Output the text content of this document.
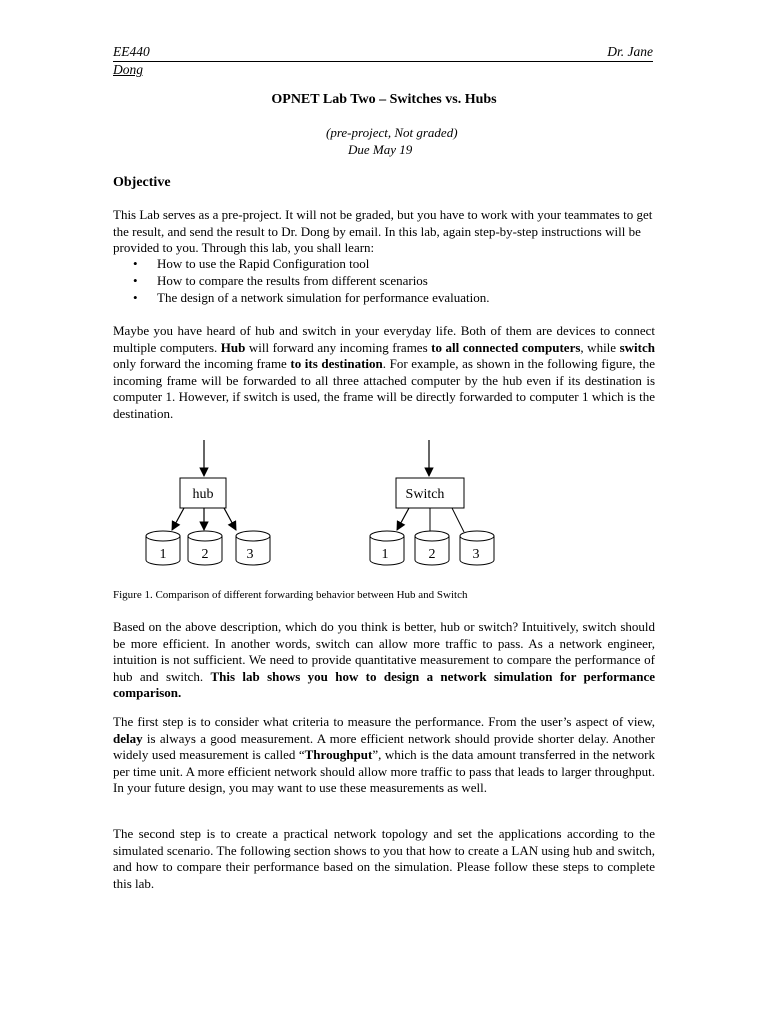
EE440	Dr. Jane
Dong
OPNET Lab Two – Switches vs. Hubs
(pre-project, Not graded)
Due May 19
Objective
This Lab serves as a pre-project. It will not be graded, but you have to work with your teammates to get the result, and send the result to Dr. Dong by email. In this lab, again step-by-step instructions will be provided to you. Through this lab, you shall learn:
• How to use the Rapid Configuration tool
• How to compare the results from different scenarios
• The design of a network simulation for performance evaluation.
Maybe you have heard of hub and switch in your everyday life. Both of them are devices to connect multiple computers. Hub will forward any incoming frames to all connected computers, while switch only forward the incoming frame to its destination. For example, as shown in the following figure, the incoming frame will be forwarded to all three attached computer by the hub even if its destination is computer 1. However, if switch is used, the frame will be directly forwarded to computer 1 which is the destination.
hub
1	2	3
Switch
1	2	3
Figure 1. Comparison of different forwarding behavior between Hub and Switch
Based on the above description, which do you think is better, hub or switch? Intuitively, switch should be more efficient. In another words, switch can allow more traffic to pass. As a network engineer, intuition is not sufficient. We need to provide quantitative measurement to compare the performance of hub and switch. This lab shows you how to design a network simulation for performance comparison.
The first step is to consider what criteria to measure the performance. From the user’s aspect of view, delay is always a good measurement. A more efficient network should provide shorter delay. Another widely used measurement is called “Throughput”, which is the data amount transferred in the network per time unit. A more efficient network should allow more traffic to pass that leads to larger throughput. In your future design, you may want to use these measurements as well.
The second step is to create a practical network topology and set the applications according to the simulated scenario. The following section shows to you that how to create a LAN using hub and switch, and how to compare their performance based on the simulation. Please follow these steps to complete this lab.
